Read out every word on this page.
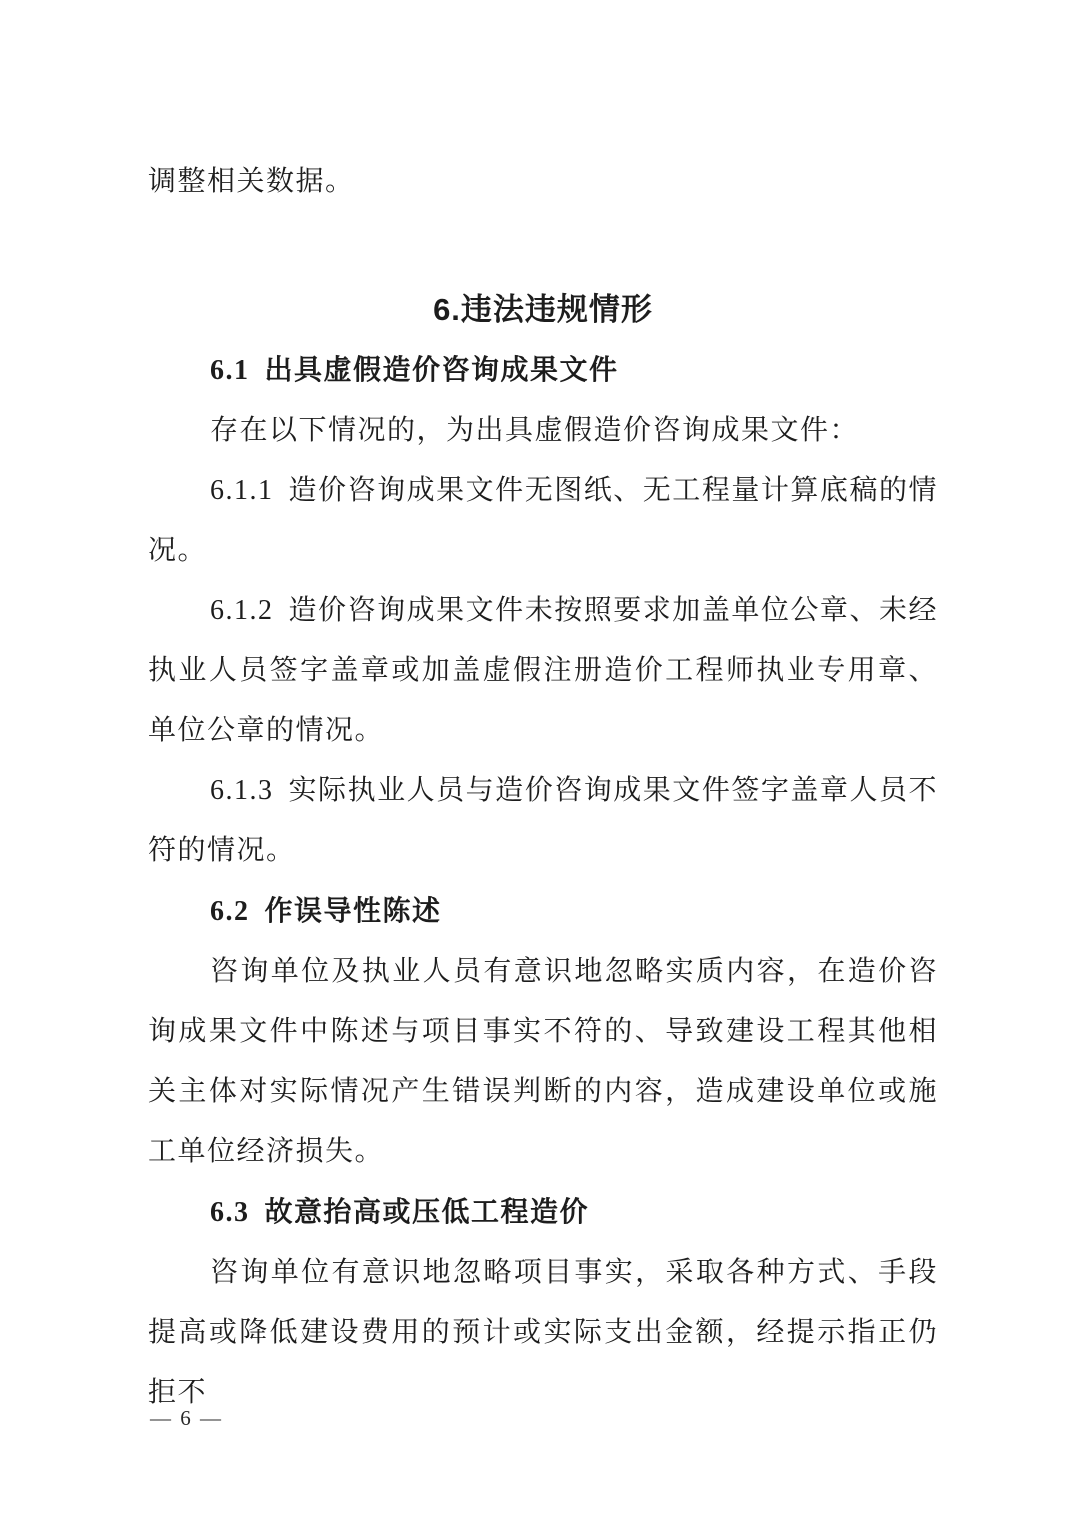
调整相关数据。

6.违法违规情形
6.1 出具虚假造价咨询成果文件

存在以下情况的，为出具虚假造价咨询成果文件：

6.1.1 造价咨询成果文件无图纸、无工程量计算底稿的情况。

6.1.2 造价咨询成果文件未按照要求加盖单位公章、未经执业人员签字盖章或加盖虚假注册造价工程师执业专用章、单位公章的情况。

6.1.3 实际执业人员与造价咨询成果文件签字盖章人员不符的情况。

6.2 作误导性陈述

咨询单位及执业人员有意识地忽略实质内容，在造价咨询成果文件中陈述与项目事实不符的、导致建设工程其他相关主体对实际情况产生错误判断的内容，造成建设单位或施工单位经济损失。

6.3 故意抬高或压低工程造价

咨询单位有意识地忽略项目事实，采取各种方式、手段提高或降低建设费用的预计或实际支出金额，经提示指正仍拒不

— 6 —
